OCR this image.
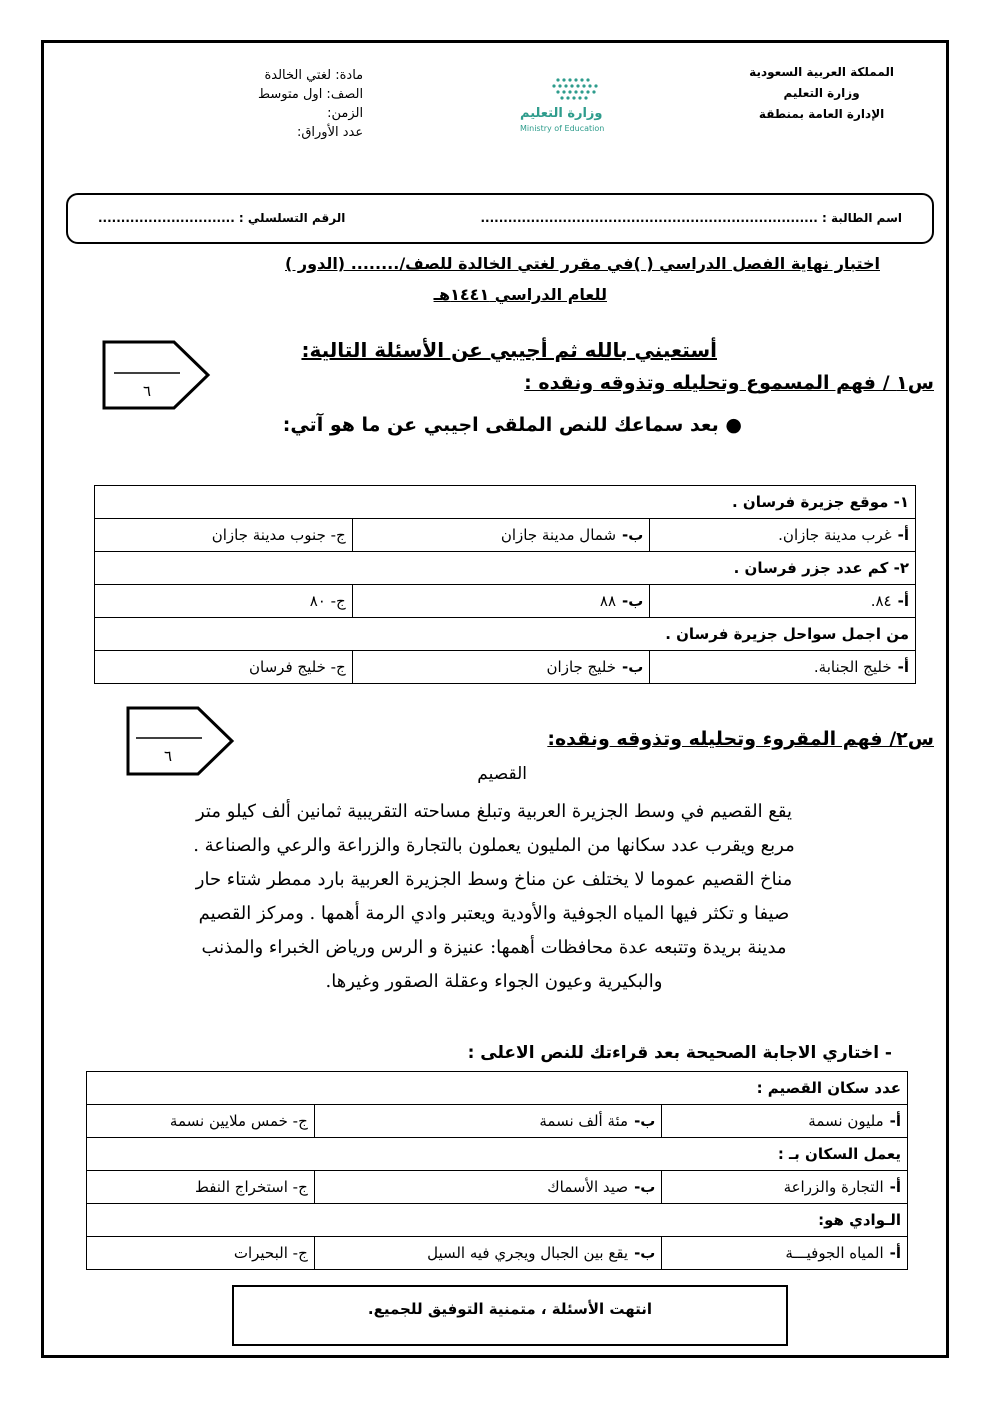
المملكة العربية السعودية
وزارة التعليم
الإدارة العامة بمنطقة
وزارة التعليم
Ministry of Education
مادة: لغتي الخالدة
الصف: اول متوسط
الزمن:
عدد الأوراق:
اسم الطالبة : ..........................................................................
الرقم التسلسلي : ..............................
اختبار نهاية الفصل الدراسي ( )في مقرر لغتي الخالدة للصف/........ (الدور )
للعام الدراسي ١٤٤١هـ
أستعيني بالله ثم أجيبي عن الأسئلة التالية:
٦	س١ / فهم المسموع وتحليله وتذوقه ونقده :
● بعد سماعك للنص الملقى اجيبي عن ما هو آتي:
١- موقع جزيرة فرسان .		
أ-غرب مدينة جازان.	ب-شمال مدينة جازان	ج- جنوب مدينة جازان
٢- كم عدد جزر فرسان .		
أ-٨٤.	ب-٨٨	ج- ٨٠
من اجمل سواحل جزيرة فرسان .		
أ-خليج الجنابة.	ب-خليج جازان	ج- خليج فرسان
٦
س٢/ فهم المقروء وتحليله وتذوقه ونقده:
القصيم
يقع القصيم في وسط الجزيرة العربية وتبلغ مساحته التقريبية ثمانين ألف كيلو متر
مربع ويقرب عدد سكانها من المليون يعملون بالتجارة والزراعة والرعي والصناعة .
مناخ القصيم عموما لا يختلف عن مناخ وسط الجزيرة العربية بارد ممطر شتاء حار
صيفا و تكثر فيها المياه الجوفية والأودية ويعتبر وادي الرمة أهمها . ومركز القصيم
مدينة بريدة وتتبعه عدة محافظات أهمها: عنيزة و الرس ورياض الخبراء والمذنب
والبكيرية وعيون الجواء وعقلة الصقور وغيرها.
- اختاري الاجابة الصحيحة بعد قراءتك للنص الاعلى :
عدد سكان القصيم :		
أ-مليون نسمة	ب-مئة ألف نسمة	ج- خمس ملايين نسمة
يعمل السكان بـ :		
أ-التجارة والزراعة	ب-صيد الأسماك	ج- استخراج النفط
الـوادي هو:		
أ-المياه الجوفيـــة	ب-يقع بين الجبال ويجري فيه السيل	ج- البحيرات
انتهت الأسئلة ، متمنية التوفيق للجميع.
